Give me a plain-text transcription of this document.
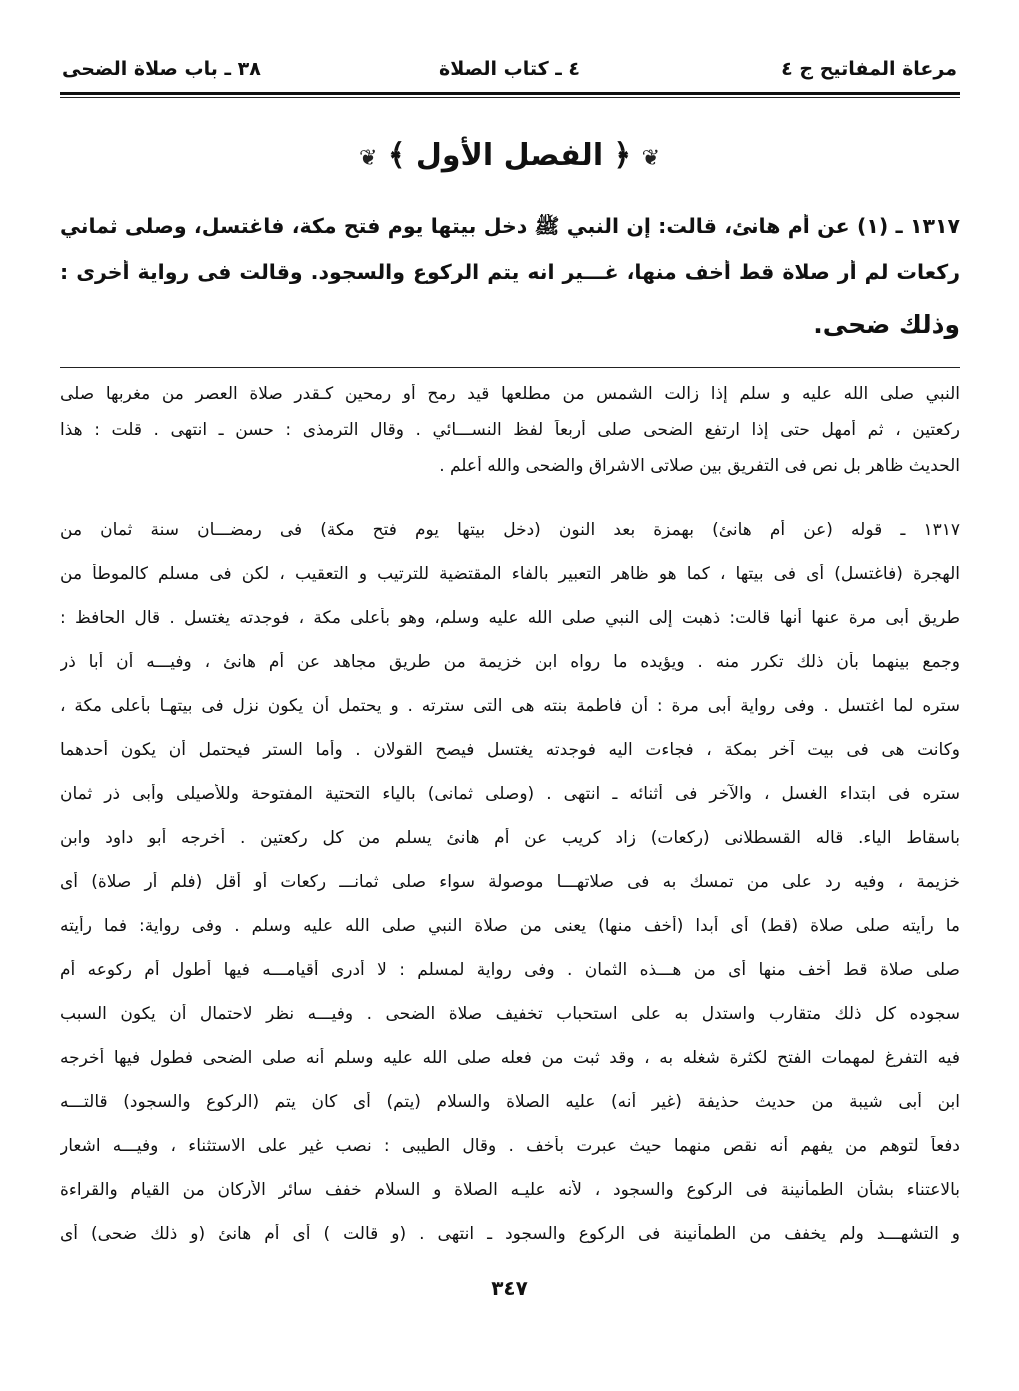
مرعاة المفاتيح ج ٤
٤ ـ كتاب الصلاة
٣٨ ـ باب صلاة الضحى
❦ ﴿ الفصل الأول ﴾ ❦
١٣١٧ ـ (١) عن أم هانئ، قالت: إن النبي ﷺ دخل بيتها يوم فتح مكة، فاغتسل، وصلى ثماني
ركعات لم أر صلاة قط أخف منها، غـــير انه يتم الركوع والسجود. وقالت فى رواية أخرى :
وذلك ضحى.
النبي صلى الله عليه و سلم إذا زالت الشمس من مطلعها قيد رمح أو رمحين كـقدر صلاة العصر من مغربها صلى
ركعتين ، ثم أمهل حتى إذا ارتفع الضحى صلى أربعاً لفظ النســـائي . وقال الترمذى : حسن ـ انتهى . قلت : هذا
الحديث ظاهر بل نص فى التفريق بين صلاتى الاشراق والضحى والله أعلم .
١٣١٧ ـ قوله (عن أم هانئ) بهمزة بعد النون (دخل بيتها يوم فتح مكة) فى رمضـــان سنة ثمان من
الهجرة (فاغتسل) أى فى بيتها ، كما هو ظاهر التعبير بالفاء المقتضية للترتيب و التعقيب ، لكن فى مسلم كالموطأ من
طريق أبى مرة عنها أنها قالت: ذهبت إلى النبي صلى الله عليه وسلم، وهو بأعلى مكة ، فوجدته يغتسل . قال الحافظ :
وجمع بينهما بأن ذلك تكرر منه . ويؤيده ما رواه ابن خزيمة من طريق مجاهد عن أم هانئ ، وفيـــه أن أبا ذر
ستره لما اغتسل . وفى رواية أبى مرة : أن فاطمة بنته هى التى سترته . و يحتمل أن يكون نزل فى بيتهـا بأعلى مكة ،
وكانت هى فى بيت آخر بمكة ، فجاءت اليه فوجدته يغتسل فيصح القولان . وأما الستر فيحتمل أن يكون أحدهما
ستره فى ابتداء الغسل ، والآخر فى أثنائه ـ انتهى . (وصلى ثمانى) بالياء التحتية المفتوحة وللأصيلى وأبى ذر ثمان
باسقاط الياء. قاله القسطلانى (ركعات) زاد كريب عن أم هانئ يسلم من كل ركعتين . أخرجه أبو داود وابن
خزيمة ، وفيه رد على من تمسك به فى صلاتهـــا موصولة سواء صلى ثمانـــ ركعات أو أقل (فلم أر صلاة) أى
ما رأيته صلى صلاة (قط) أى أبدا (أخف منها) يعنى من صلاة النبي صلى الله عليه وسلم . وفى رواية: فما رأيته
صلى صلاة قط أخف منها أى من هـــذه الثمان . وفى رواية لمسلم : لا أدرى أقيامـــه فيها أطول أم ركوعه أم
سجوده كل ذلك متقارب واستدل به على استحباب تخفيف صلاة الضحى . وفيـــه نظر لاحتمال أن يكون السبب
فيه التفرغ لمهمات الفتح لكثرة شغله به ، وقد ثبت من فعله صلى الله عليه وسلم أنه صلى الضحى فطول فيها أخرجه
ابن أبى شيبة من حديث حذيفة (غير أنه) عليه الصلاة والسلام (يتم) أى كان يتم (الركوع والسجود) قالتـــه
دفعاً لتوهم من يفهم أنه نقص منهما حيث عبرت بأخف . وقال الطيبى : نصب غير على الاستثناء ، وفيـــه اشعار
بالاعتناء بشأن الطمأنينة فى الركوع والسجود ، لأنه عليـه الصلاة و السلام خفف سائر الأركان من القيام والقراءة
و التشهـــد ولم يخفف من الطمأنينة فى الركوع والسجود ـ انتهى . (و قالت ) أى أم هانئ (و ذلك ضحى) أى
٣٤٧
